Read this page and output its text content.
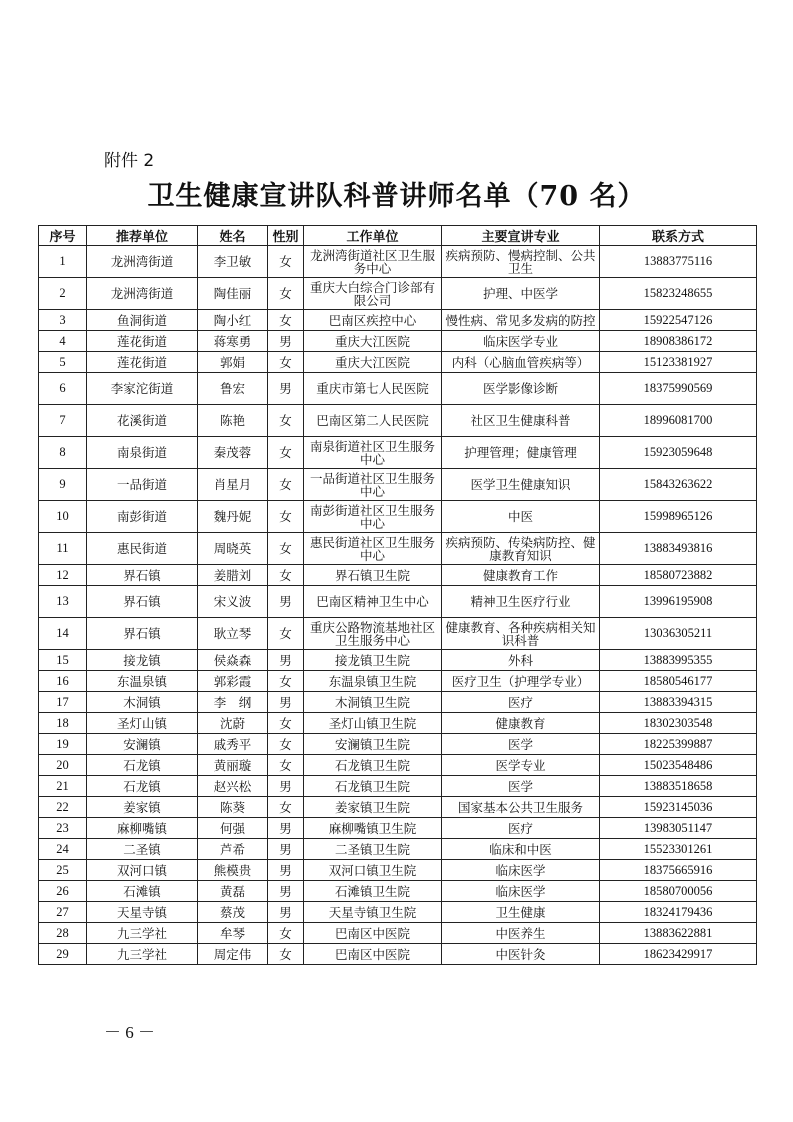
附件 2
卫生健康宣讲队科普讲师名单（70 名）
序号	推荐单位	姓名	性别	工作单位	主要宣讲专业	联系方式
1	龙洲湾街道	李卫敏	女	龙洲湾街道社区卫生服务中心	疾病预防、慢病控制、公共卫生	13883775116
2	龙洲湾街道	陶佳丽	女	重庆大白综合门诊部有限公司	护理、中医学	15823248655
3	鱼洞街道	陶小红	女	巴南区疾控中心	慢性病、常见多发病的防控	15922547126
4	莲花街道	蒋寒勇	男	重庆大江医院	临床医学专业	18908386172
5	莲花街道	郭娟	女	重庆大江医院	内科（心脑血管疾病等）	15123381927
6	李家沱街道	鲁宏	男	重庆市第七人民医院	医学影像诊断	18375990569
7	花溪街道	陈艳	女	巴南区第二人民医院	社区卫生健康科普	18996081700
8	南泉街道	秦茂蓉	女	南泉街道社区卫生服务中心	护理管理；健康管理	15923059648
9	一品街道	肖星月	女	一品街道社区卫生服务中心	医学卫生健康知识	15843263622
10	南彭街道	魏丹妮	女	南彭街道社区卫生服务中心	中医	15998965126
11	惠民街道	周晓英	女	惠民街道社区卫生服务中心	疾病预防、传染病防控、健康教育知识	13883493816
12	界石镇	姜腊刘	女	界石镇卫生院	健康教育工作	18580723882
13	界石镇	宋义波	男	巴南区精神卫生中心	精神卫生医疗行业	13996195908
14	界石镇	耿立琴	女	重庆公路物流基地社区卫生服务中心	健康教育、各种疾病相关知识科普	13036305211
15	接龙镇	侯焱森	男	接龙镇卫生院	外科	13883995355
16	东温泉镇	郭彩霞	女	东温泉镇卫生院	医疗卫生（护理学专业）	18580546177
17	木洞镇	李　纲	男	木洞镇卫生院	医疗	13883394315
18	圣灯山镇	沈蔚	女	圣灯山镇卫生院	健康教育	18302303548
19	安澜镇	戚秀平	女	安澜镇卫生院	医学	18225399887
20	石龙镇	黄丽璇	女	石龙镇卫生院	医学专业	15023548486
21	石龙镇	赵兴松	男	石龙镇卫生院	医学	13883518658
22	姜家镇	陈葵	女	姜家镇卫生院	国家基本公共卫生服务	15923145036
23	麻柳嘴镇	何强	男	麻柳嘴镇卫生院	医疗	13983051147
24	二圣镇	芦希	男	二圣镇卫生院	临床和中医	15523301261
25	双河口镇	熊模贵	男	双河口镇卫生院	临床医学	18375665916
26	石滩镇	黄磊	男	石滩镇卫生院	临床医学	18580700056
27	天星寺镇	蔡茂	男	天星寺镇卫生院	卫生健康	18324179436
28	九三学社	牟琴	女	巴南区中医院	中医养生	13883622881
29	九三学社	周定伟	女	巴南区中医院	中医针灸	18623429917
－ 6 －
